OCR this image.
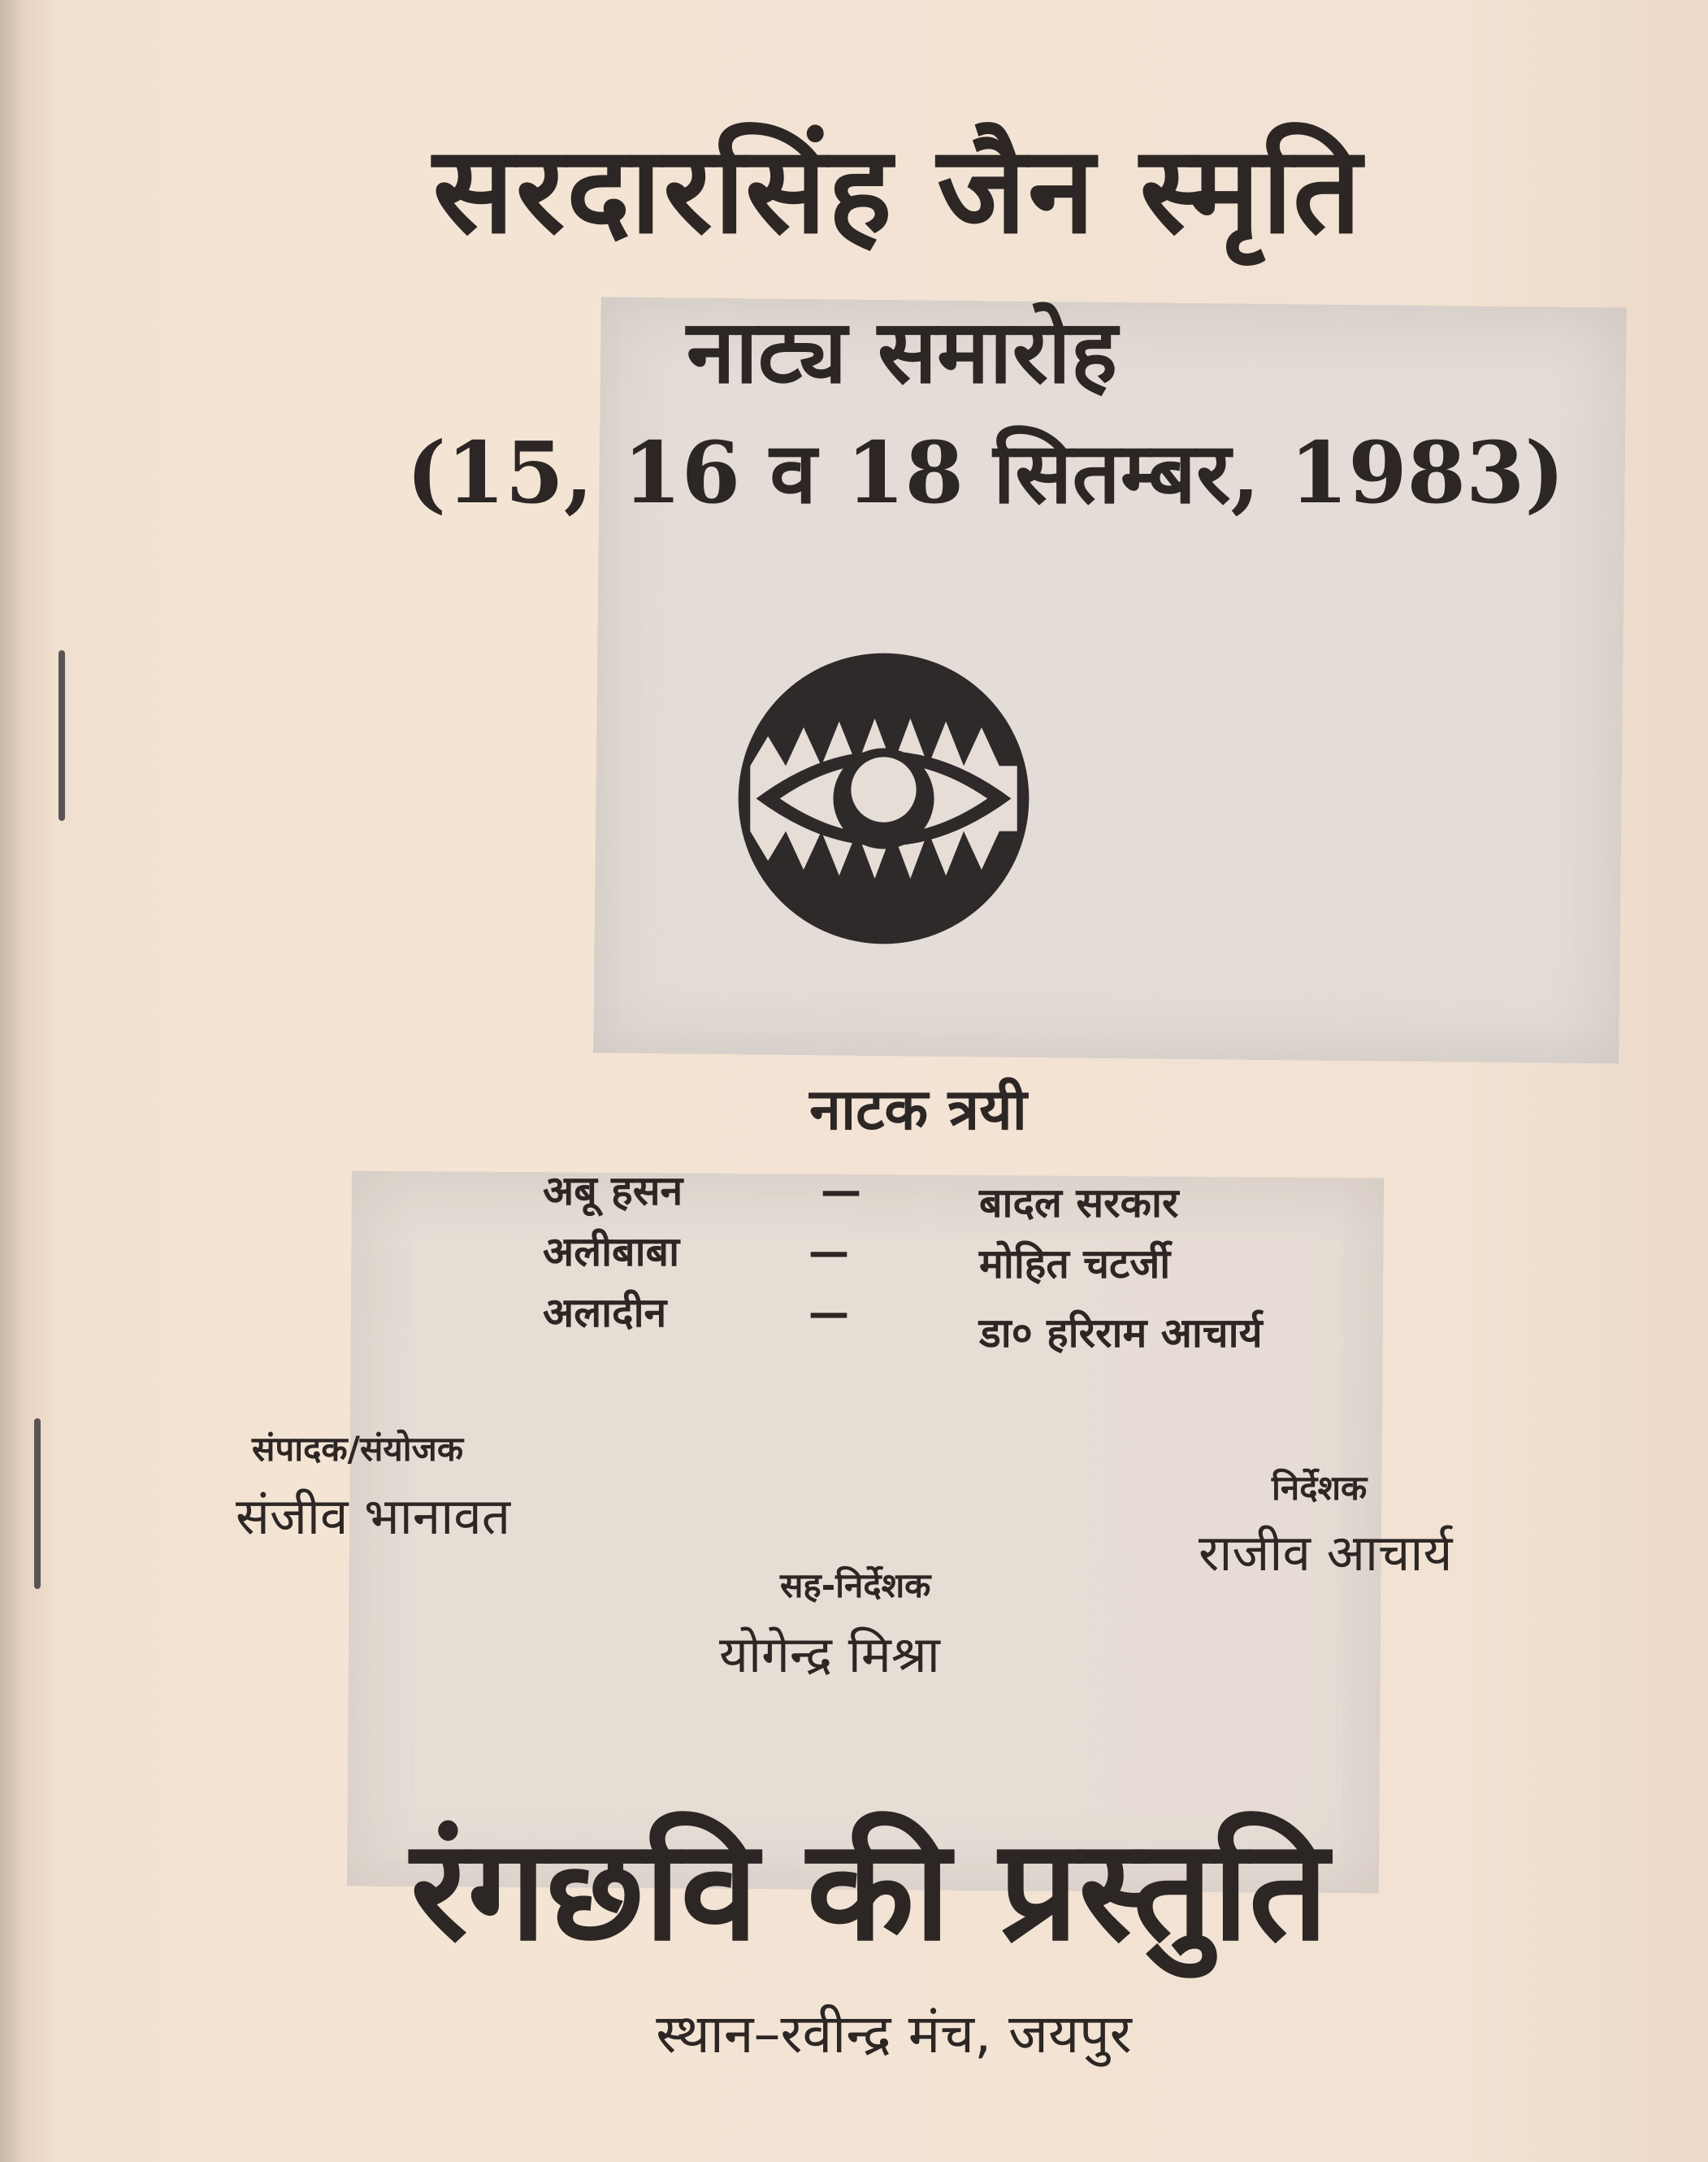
सरदारसिंह जैन स्मृति
नाट्य समारोह
(15, 16 व 18 सितम्बर, 1983)
नाटक त्रयी
अबू हसन	—	बादल सरकार
अलीबाबा	—	मोहित चटर्जी
अलादीन	—	डा० हरिराम आचार्य
संपादक/संयोजक
संजीव भानावत	निर्देशक
राजीव आचार्य
सह-निर्देशक
योगेन्द्र मिश्रा
रंगछवि की प्रस्तुति
स्थान–रवीन्द्र मंच, जयपुर
